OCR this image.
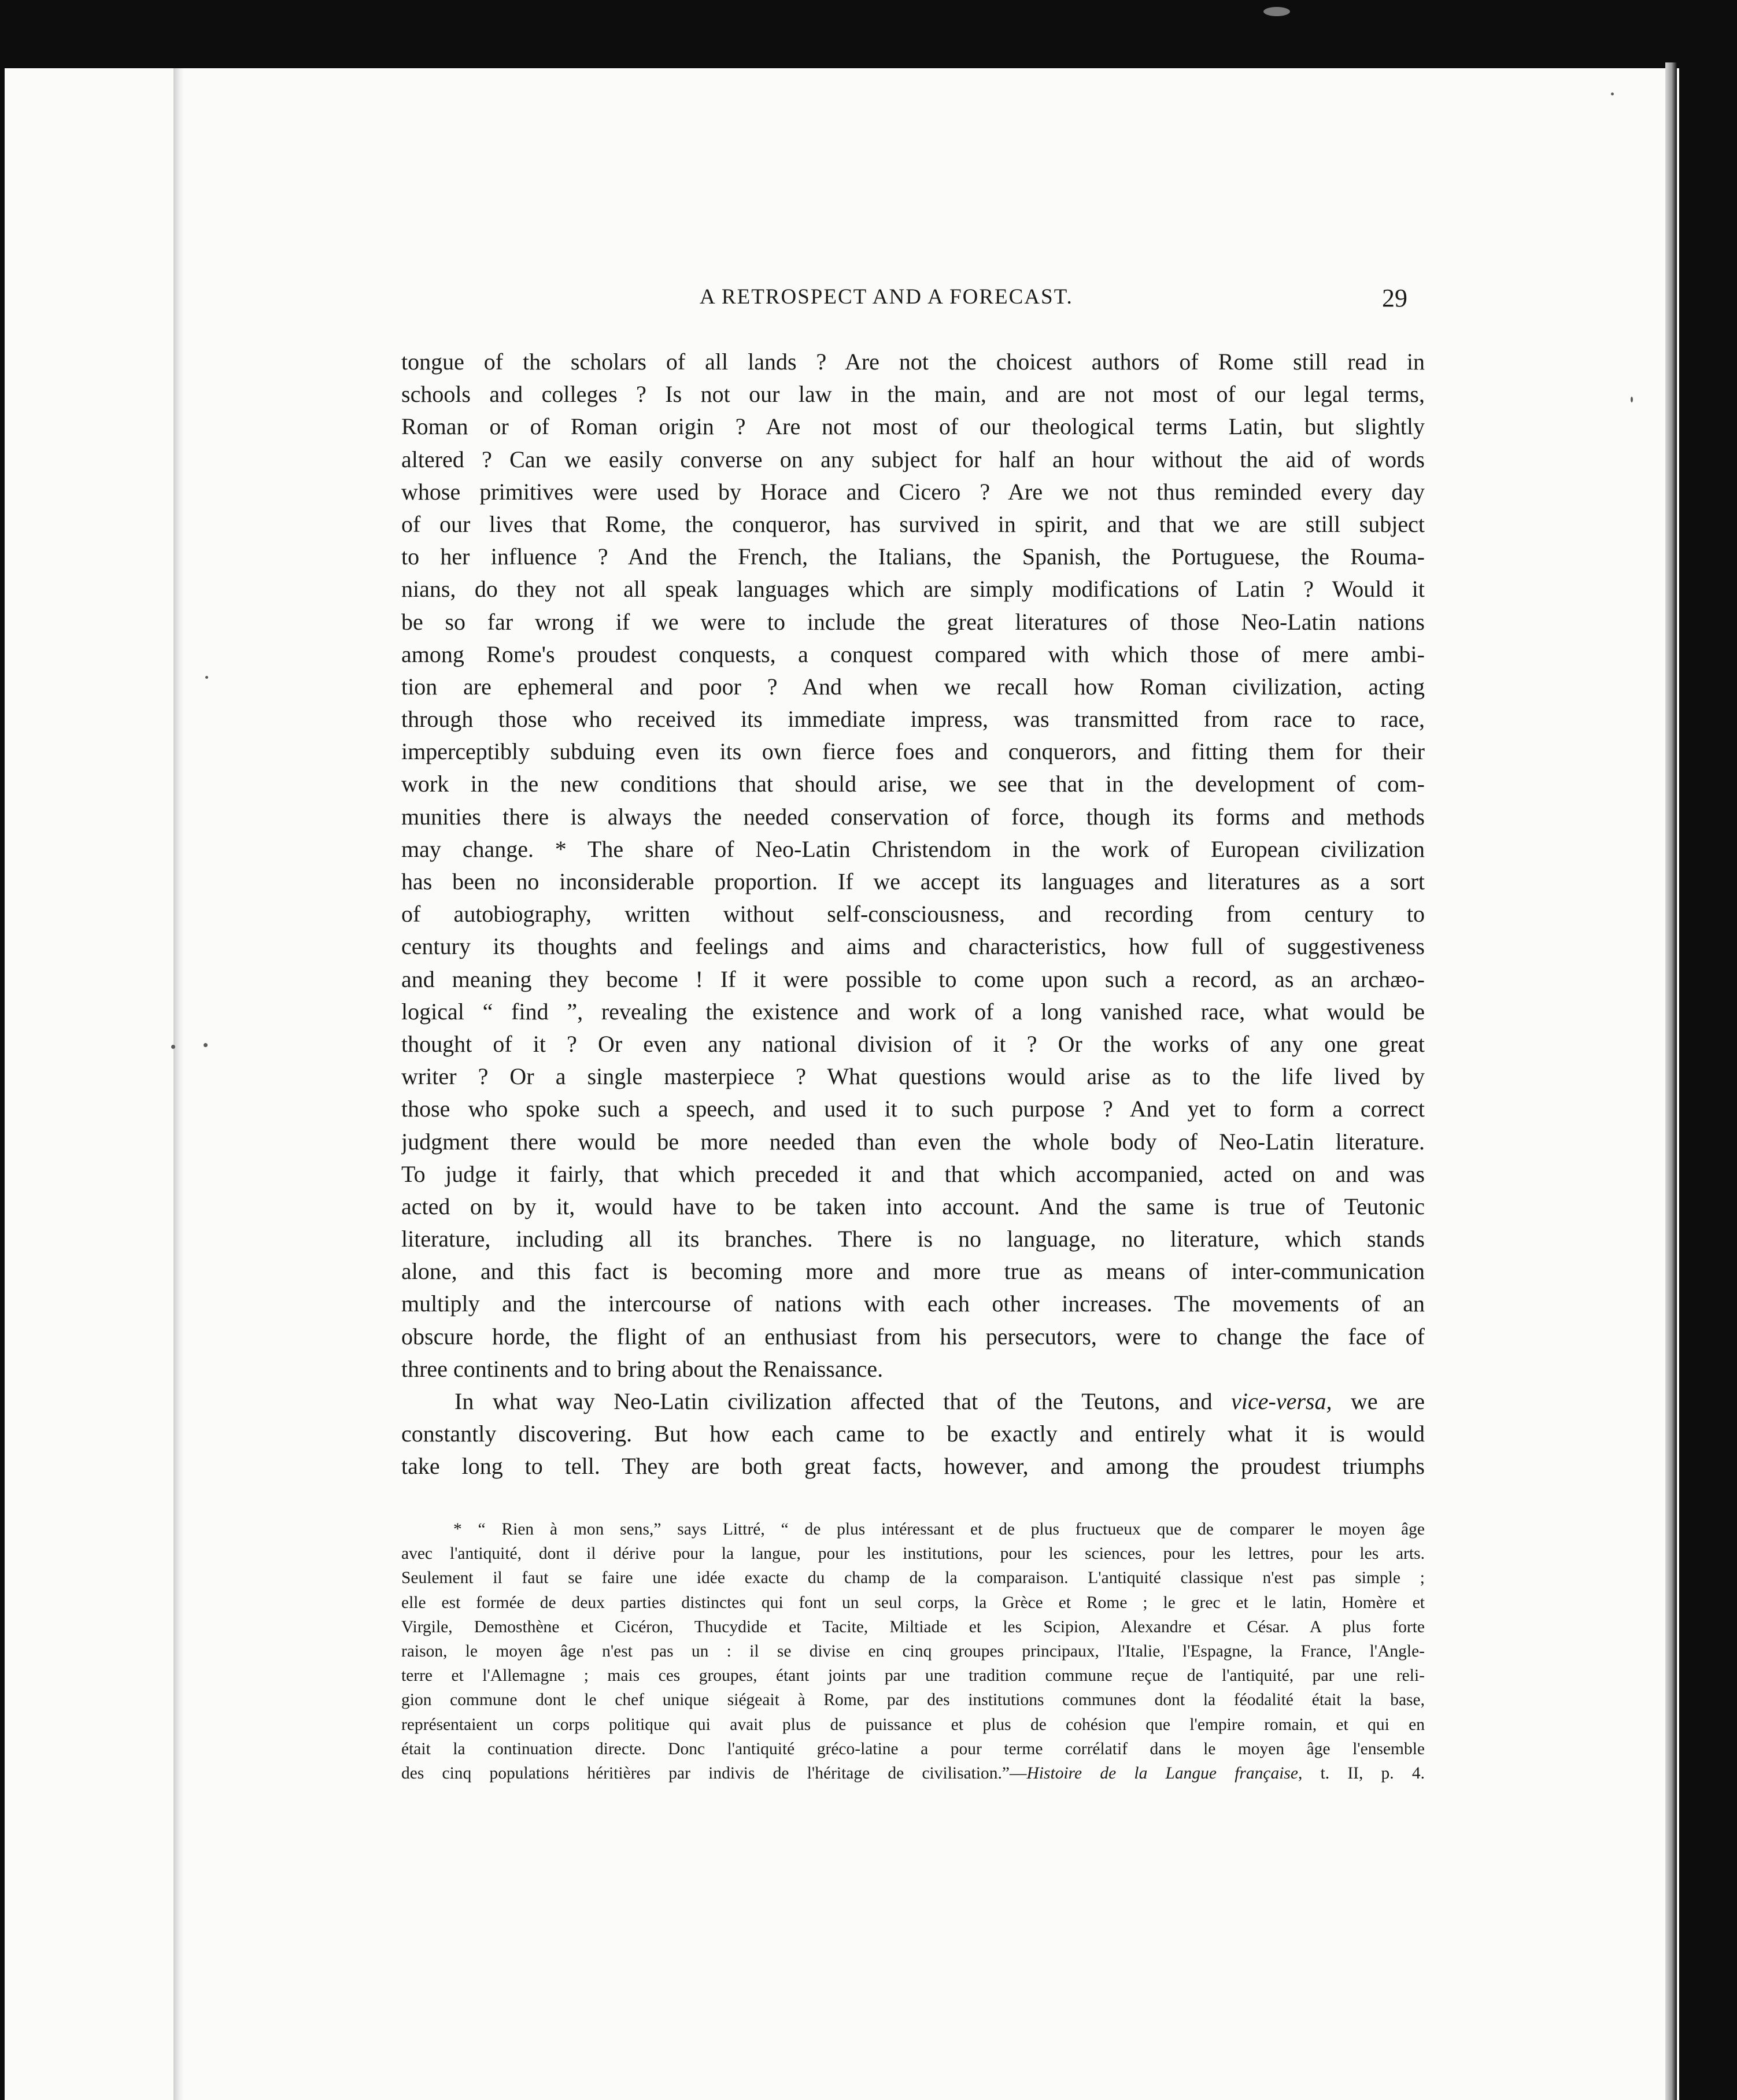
A RETROSPECT AND A FORECAST.	29
tongue of the scholars of all lands ? Are not the choicest authors of Rome still read in
schools and colleges ? Is not our law in the main, and are not most of our legal terms,
Roman or of Roman origin ? Are not most of our theological terms Latin, but slightly
altered ? Can we easily converse on any subject for half an hour without the aid of words
whose primitives were used by Horace and Cicero ? Are we not thus reminded every day
of our lives that Rome, the conqueror, has survived in spirit, and that we are still subject
to her influence ? And the French, the Italians, the Spanish, the Portuguese, the Rouma-
nians, do they not all speak languages which are simply modifications of Latin ? Would it
be so far wrong if we were to include the great literatures of those Neo-Latin nations
among Rome's proudest conquests, a conquest compared with which those of mere ambi-
tion are ephemeral and poor ? And when we recall how Roman civilization, acting
through those who received its immediate impress, was transmitted from race to race,
imperceptibly subduing even its own fierce foes and conquerors, and fitting them for their
work in the new conditions that should arise, we see that in the development of com-
munities there is always the needed conservation of force, though its forms and methods
may change. * The share of Neo-Latin Christendom in the work of European civilization
has been no inconsiderable proportion. If we accept its languages and literatures as a sort
of autobiography, written without self-consciousness, and recording from century to
century its thoughts and feelings and aims and characteristics, how full of suggestiveness
and meaning they become ! If it were possible to come upon such a record, as an archæo-
logical “ find ”, revealing the existence and work of a long vanished race, what would be
thought of it ? Or even any national division of it ? Or the works of any one great
writer ? Or a single masterpiece ? What questions would arise as to the life lived by
those who spoke such a speech, and used it to such purpose ? And yet to form a correct
judgment there would be more needed than even the whole body of Neo-Latin literature.
To judge it fairly, that which preceded it and that which accompanied, acted on and was
acted on by it, would have to be taken into account. And the same is true of Teutonic
literature, including all its branches. There is no language, no literature, which stands
alone, and this fact is becoming more and more true as means of inter-communication
multiply and the intercourse of nations with each other increases. The movements of an
obscure horde, the flight of an enthusiast from his persecutors, were to change the face of
three continents and to bring about the Renaissance.
In what way Neo-Latin civilization affected that of the Teutons, and vice-versa, we are
constantly discovering. But how each came to be exactly and entirely what it is would
take long to tell. They are both great facts, however, and among the proudest triumphs
* “ Rien à mon sens,” says Littré, “ de plus intéressant et de plus fructueux que de comparer le moyen âge
avec l'antiquité, dont il dérive pour la langue, pour les institutions, pour les sciences, pour les lettres, pour les arts.
Seulement il faut se faire une idée exacte du champ de la comparaison. L'antiquité classique n'est pas simple ;
elle est formée de deux parties distinctes qui font un seul corps, la Grèce et Rome ; le grec et le latin, Homère et
Virgile, Demosthène et Cicéron, Thucydide et Tacite, Miltiade et les Scipion, Alexandre et César. A plus forte
raison, le moyen âge n'est pas un : il se divise en cinq groupes principaux, l'Italie, l'Espagne, la France, l'Angle-
terre et l'Allemagne ; mais ces groupes, étant joints par une tradition commune reçue de l'antiquité, par une reli-
gion commune dont le chef unique siégeait à Rome, par des institutions communes dont la féodalité était la base,
représentaient un corps politique qui avait plus de puissance et plus de cohésion que l'empire romain, et qui en
était la continuation directe. Donc l'antiquité gréco-latine a pour terme corrélatif dans le moyen âge l'ensemble
des cinq populations héritières par indivis de l'héritage de civilisation.”—Histoire de la Langue française, t. II, p. 4.
